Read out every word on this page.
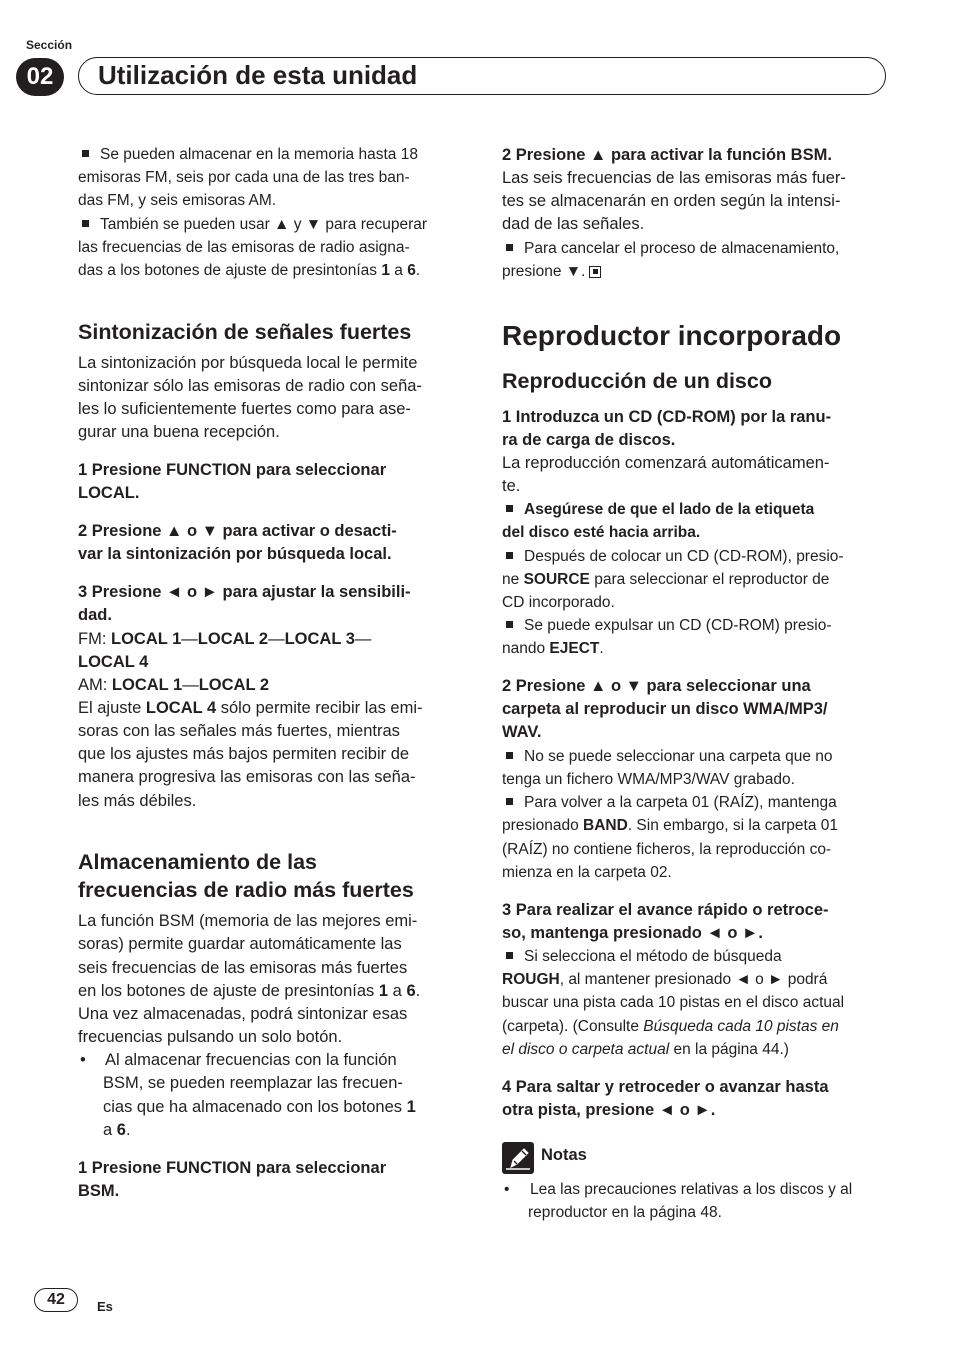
Sección
02	Utilización de esta unidad
Se pueden almacenar en la memoria hasta 18
emisoras FM, seis por cada una de las tres ban-
das FM, y seis emisoras AM.
También se pueden usar ▲ y ▼ para recuperar
las frecuencias de las emisoras de radio asigna-
das a los botones de ajuste de presintonías 1 a 6.
Sintonización de señales fuertes
La sintonización por búsqueda local le permite
sintonizar sólo las emisoras de radio con seña-
les lo suficientemente fuertes como para ase-
gurar una buena recepción.
1 Presione FUNCTION para seleccionar
LOCAL.
2 Presione ▲ o ▼ para activar o desacti-
var la sintonización por búsqueda local.
3 Presione ◄ o ► para ajustar la sensibili-
dad.
FM: LOCAL 1—LOCAL 2—LOCAL 3—
LOCAL 4
AM: LOCAL 1—LOCAL 2
El ajuste LOCAL 4 sólo permite recibir las emi-
soras con las señales más fuertes, mientras
que los ajustes más bajos permiten recibir de
manera progresiva las emisoras con las seña-
les más débiles.
Almacenamiento de las
frecuencias de radio más fuertes
La función BSM (memoria de las mejores emi-
soras) permite guardar automáticamente las
seis frecuencias de las emisoras más fuertes
en los botones de ajuste de presintonías 1 a 6.
Una vez almacenadas, podrá sintonizar esas
frecuencias pulsando un solo botón.
• Al almacenar frecuencias con la función
BSM, se pueden reemplazar las frecuen-
cias que ha almacenado con los botones 1
a 6.
1 Presione FUNCTION para seleccionar
BSM.
2 Presione ▲ para activar la función BSM.
Las seis frecuencias de las emisoras más fuer-
tes se almacenarán en orden según la intensi-
dad de las señales.
Para cancelar el proceso de almacenamiento,
presione ▼.
Reproductor incorporado
Reproducción de un disco
1 Introduzca un CD (CD-ROM) por la ranu-
ra de carga de discos.
La reproducción comenzará automáticamen-
te.
Asegúrese de que el lado de la etiqueta
del disco esté hacia arriba.
Después de colocar un CD (CD-ROM), presio-
ne SOURCE para seleccionar el reproductor de
CD incorporado.
Se puede expulsar un CD (CD-ROM) presio-
nando EJECT.
2 Presione ▲ o ▼ para seleccionar una
carpeta al reproducir un disco WMA/MP3/
WAV.
No se puede seleccionar una carpeta que no
tenga un fichero WMA/MP3/WAV grabado.
Para volver a la carpeta 01 (RAÍZ), mantenga
presionado BAND. Sin embargo, si la carpeta 01
(RAÍZ) no contiene ficheros, la reproducción co-
mienza en la carpeta 02.
3 Para realizar el avance rápido o retroce-
so, mantenga presionado ◄ o ►.
Si selecciona el método de búsqueda
ROUGH, al mantener presionado ◄ o ► podrá
buscar una pista cada 10 pistas en el disco actual
(carpeta). (Consulte Búsqueda cada 10 pistas en
el disco o carpeta actual en la página 44.)
4 Para saltar y retroceder o avanzar hasta
otra pista, presione ◄ o ►.
Notas
• Lea las precauciones relativas a los discos y al
reproductor en la página 48.
42	Es
